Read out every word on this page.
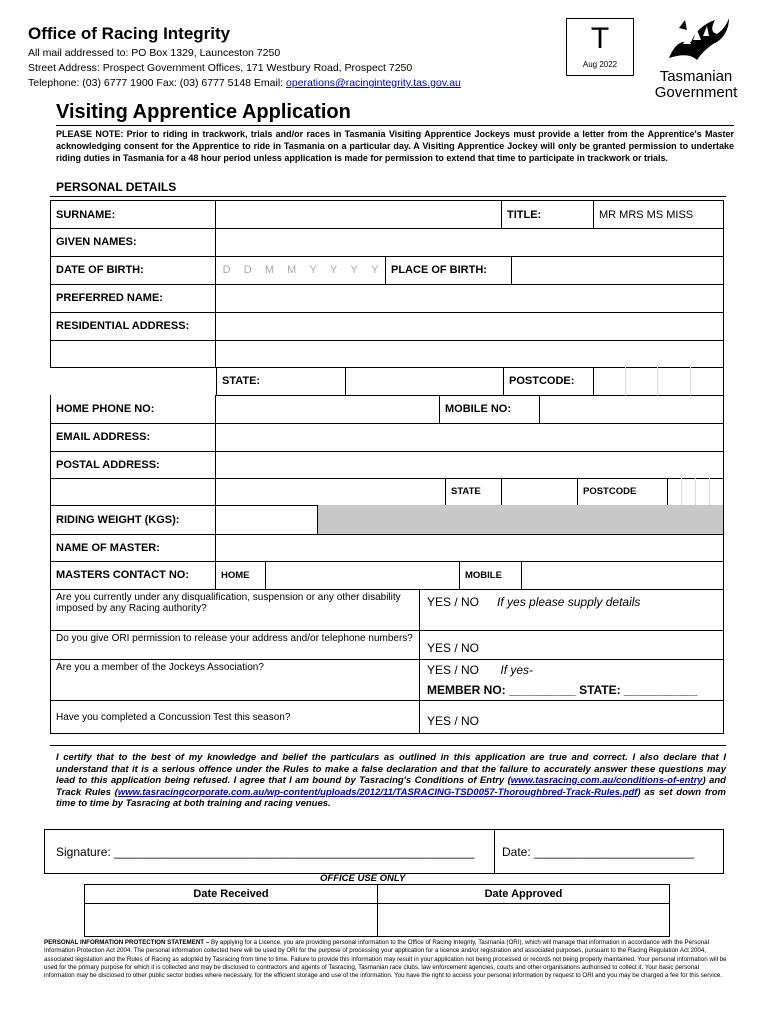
Office of Racing Integrity
All mail addressed to: PO Box 1329, Launceston 7250
Street Address: Prospect Government Offices, 171 Westbury Road, Prospect 7250
Telephone: (03) 6777 1900 Fax: (03) 6777 5148 Email: operations@racingintegrity.tas.gov.au
T
Aug 2022
Tasmanian
Government
Visiting Apprentice Application
PLEASE NOTE: Prior to riding in trackwork, trials and/or races in Tasmania Visiting Apprentice Jockeys must provide a letter from the Apprentice's Master acknowledging consent for the Apprentice to ride in Tasmania on a particular day. A Visiting Apprentice Jockey will only be granted permission to undertake riding duties in Tasmania for a 48 hour period unless application is made for permission to extend that time to participate in trackwork or trials.
PERSONAL DETAILS
SURNAME:	TITLE:	MR MRS MS MISS
GIVEN NAMES:
DATE OF BIRTH:	D D M M Y Y Y Y	PLACE OF BIRTH:
PREFERRED NAME:
RESIDENTIAL ADDRESS:
STATE:	POSTCODE:
HOME PHONE NO:	MOBILE NO:
EMAIL ADDRESS:
POSTAL ADDRESS:
STATE	POSTCODE
RIDING WEIGHT (KGS):
NAME OF MASTER:
MASTERS CONTACT NO:	HOME	MOBILE
Are you currently under any disqualification, suspension or any other disability imposed by any Racing authority?	YES / NO If yes please supply details
Do you give ORI permission to release your address and/or telephone numbers?
YES / NO
Are you a member of the Jockeys Association?	YES / NO If yes-
MEMBER NO: __________ STATE: ___________
Have you completed a Concussion Test this season?	YES / NO
I certify that to the best of my knowledge and belief the particulars as outlined in this application are true and correct. I also declare that I understand that it is a serious offence under the Rules to make a false declaration and that the failure to accurately answer these questions may lead to this application being refused. I agree that I am bound by Tasracing's Conditions of Entry (www.tasracing.com.au/conditions-of-entry) and Track Rules (www.tasracingcorporate.com.au/wp-content/uploads/2012/11/TASRACING-TSD0057-Thoroughbred-Track-Rules.pdf) as set down from time to time by Tasracing at both training and racing venues.
Signature: ______________________________________________________ Date: ________________________
OFFICE USE ONLY
Date Received	Date Approved
PERSONAL INFORMATION PROTECTION STATEMENT – By applying for a Licence, you are providing personal information to the Office of Racing Integrity, Tasmania (ORI), which will manage that information in accordance with the Personal Information Protection Act 2004. The personal information collected here will be used by ORI for the purpose of processing your application for a licence and/or registration and associated purposes, pursuant to the Racing Regulation Act 2004, associated legislation and the Rules of Racing as adopted by Tasracing from time to time. Failure to provide this information may result in your application not being processed or records not being properly maintained. Your personal information will be used for the primary purpose for which it is collected and may be disclosed to contractors and agents of Tasracing, Tasmanian race clubs, law enforcement agencies, courts and other organisations authorised to collect it. Your basic personal information may be disclosed to other public sector bodies where necessary, for the efficient storage and use of the information. You have the right to access your personal information by request to ORI and you may be charged a fee for this service.
